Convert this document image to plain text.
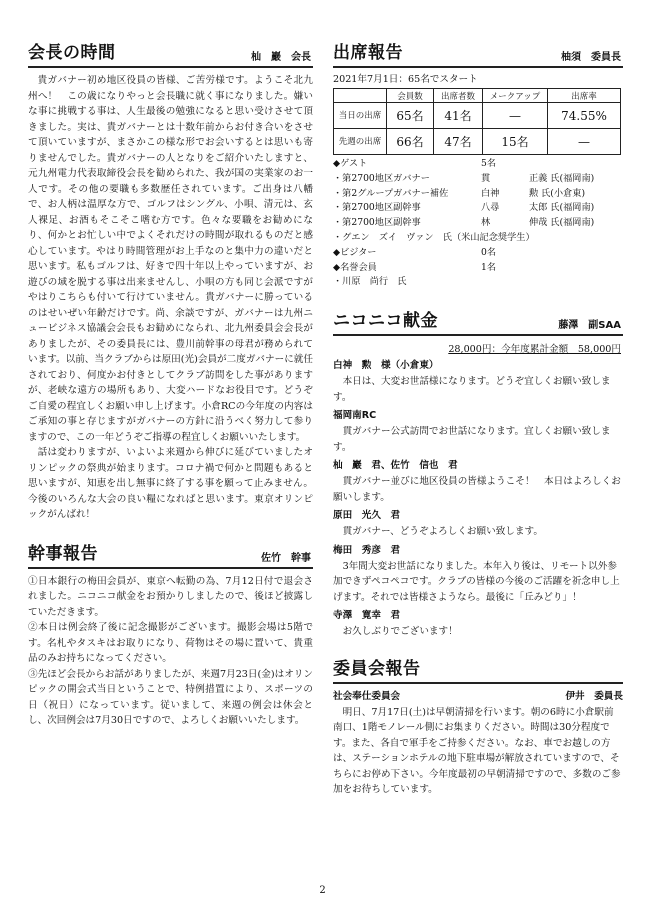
会長の時間	杣　巖　会長

貴ガバナー初め地区役員の皆様、ご苦労様です。ようこそ北九州へ！　この歳になりやっと会長職に就く事になりました。嫌いな事に挑戦する事は、人生最後の勉強になると思い受けさせて頂きました。実は、貴ガバナーとは十数年前からお付き合いをさせて頂いていますが、まさかこの様な形でお会いするとは思いも寄りませんでした。貴ガバナーの人となりをご紹介いたしますと、元九州電力代表取締役会長を勧められた、我が国の実業家のお一人です。その他の要職も多数歴任されています。ご出身は八幡で、お人柄は温厚な方で、ゴルフはシングル、小唄、清元は、玄人裸足、お酒もそこそこ嗜む方です。色々な要職をお勧めになり、何かとお忙しい中でよくそれだけの時間が取れるものだと感心しています。やはり時間管理がお上手なのと集中力の違いだと思います。私もゴルフは、好きで四十年以上やっていますが、お遊びの域を脱する事は出来ませんし、小唄の方も同じ会派ですがやはりこちらも付いて行けていません。貴ガバナーに勝っているのはせいぜい年齢だけです。尚、余談ですが、ガバナーは九州ニュービジネス協議会会長もお勧めになられ、北九州委員会会長がありましたが、その委員長には、豊川前幹事の母君が務められています。以前、当クラブからは原田(光)会員が二度ガバナーに就任されており、何度かお付きとしてクラブ訪問をした事がありますが、老峡な遠方の場所もあり、大変ハードなお役目です。どうぞご自愛の程宜しくお願い申し上げます。小倉RCの今年度の内容はご承知の事と存じますがガバナーの方針に沿うべく努力して参りますので、この一年どうぞご指導の程宜しくお願いいたします。

話は変わりますが、いよいよ来週から伸びに延びていましたオリンピックの祭典が始まります。コロナ禍で何かと問題もあると思いますが、知恵を出し無事に終了する事を願って止みません。今後のいろんな大会の良い糧になればと思います。東京オリンピックがんばれ！

幹事報告	佐竹　幹事

①日本銀行の梅田会員が、東京へ転勤の為、7月12日付で退会されました。ニコニコ献金をお預かりしましたので、後ほど披露していただきます。

②本日は例会終了後に記念撮影がございます。撮影会場は5階です。名札やタスキはお取りになり、荷物はその場に置いて、貴重品のみお持ちになってください。

③先ほど会長からお話がありましたが、来週7月23日(金)はオリンピックの開会式当日ということで、特例措置により、スポーツの日（祝日）になっています。従いまして、来週の例会は休会とし、次回例会は7月30日ですので、よろしくお願いいたします。

出席報告	柚須　委員長
2021年7月1日：65名でスタート
	会員数	出席者数	メークアップ	出席率
当日の出席	65名	41名	—	74.55%
先週の出席	66名	47名	15名	—
◆ゲスト	5名
・第2700地区ガバナー	貫	正義 氏(福岡南)
・第2グループガバナー補佐	白神	勲 氏(小倉東)
・第2700地区副幹事	八尋	太郎 氏(福岡南)
・第2700地区副幹事	林	伸哉 氏(福岡南)
・グエン　ズイ　ヴァン　氏（米山記念奨学生）
◆ビジター	0名
◆名誉会員	1名
・川原　尚行　氏
ニコニコ献金	藤澤　副SAA
28,000円：今年度累計金額　58,000円
白神　勲　様（小倉東）

本日は、大変お世話様になります。どうぞ宜しくお願い致します。

福岡南RC

貫ガバナー公式訪問でお世話になります。宜しくお願い致します。

杣　巖　君、佐竹　信也　君

貫ガバナー並びに地区役員の皆様ようこそ！　本日はよろしくお願いします。

原田　光久　君

貫ガバナー、どうぞよろしくお願い致します。

梅田　秀彦　君

3年間大変お世話になりました。本年入り後は、リモート以外参加できずペコペコです。クラブの皆様の今後のご活躍を祈念申し上げます。それでは皆様さようなら。最後に「丘みどり」！

寺澤　寛幸　君

お久しぶりでございます！

委員会報告
社会奉仕委員会	伊井　委員長

明日、7月17日(土)は早朝清掃を行います。朝の6時に小倉駅前南口、1階モノレール側にお集まりください。時間は30分程度です。また、各自で軍手をご持参ください。なお、車でお越しの方は、ステーションホテルの地下駐車場が解放されていますので、そちらにお停め下さい。今年度最初の早朝清掃ですので、多数のご参加をお待ちしています。

2
